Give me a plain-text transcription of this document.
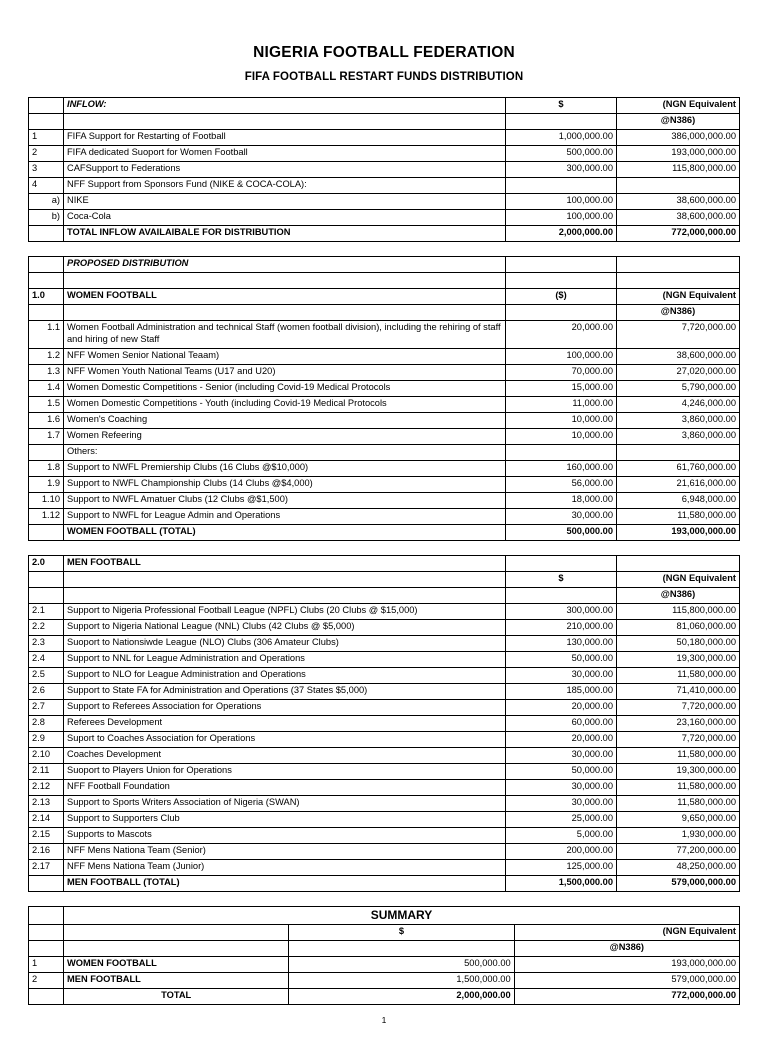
NIGERIA FOOTBALL FEDERATION
FIFA FOOTBALL RESTART FUNDS DISTRIBUTION
	INFLOW:	$	(NGN Equivalent
			@N386)
1	FIFA Support for Restarting of Football	1,000,000.00	386,000,000.00
2	FIFA dedicated Suoport for Women Football	500,000.00	193,000,000.00
3	CAFSupport to Federations	300,000.00	115,800,000.00
4	NFF Support from Sponsors Fund (NIKE & COCA-COLA):		
a)	NIKE	100,000.00	38,600,000.00
b)	Coca-Cola	100,000.00	38,600,000.00
	TOTAL INFLOW AVAILAIBALE FOR DISTRIBUTION	2,000,000.00	772,000,000.00
	PROPOSED DISTRIBUTION		

1.0	WOMEN FOOTBALL	($)	(NGN Equivalent
			@N386)
1.1	Women Football Administration and technical Staff (women football division), including the rehiring of staff and hiring of new Staff	20,000.00	7,720,000.00
1.2	NFF Women Senior National Teaam)	100,000.00	38,600,000.00
1.3	NFF Women Youth National Teams (U17 and U20)	70,000.00	27,020,000.00
1.4	Women Domestic Competitions - Senior (including Covid-19 Medical Protocols	15,000.00	5,790,000.00
1.5	Women Domestic Competitions - Youth (including Covid-19 Medical Protocols	11,000.00	4,246,000.00
1.6	Women's Coaching	10,000.00	3,860,000.00
1.7	Women Refeering	10,000.00	3,860,000.00
	Others:		
1.8	Support to NWFL Premiership Clubs (16 Clubs @$10,000)	160,000.00	61,760,000.00
1.9	Support to NWFL Championship Clubs (14 Clubs @$4,000)	56,000.00	21,616,000.00
1.10	Support to NWFL Amatuer Clubs (12 Clubs @$1,500)	18,000.00	6,948,000.00
1.12	Support to NWFL for League Admin and Operations	30,000.00	11,580,000.00
	WOMEN FOOTBALL (TOTAL)	500,000.00	193,000,000.00
2.0	MEN FOOTBALL		
		$	(NGN Equivalent
			@N386)
2.1	Support to Nigeria Professional Football League (NPFL) Clubs (20 Clubs @ $15,000)	300,000.00	115,800,000.00
2.2	Support to Nigeria National League (NNL) Clubs (42 Clubs @ $5,000)	210,000.00	81,060,000.00
2.3	Suoport to Nationsiwde League (NLO) Clubs (306 Amateur Clubs)	130,000.00	50,180,000.00
2.4	Support to NNL for League Administration and Operations	50,000.00	19,300,000.00
2.5	Support to NLO for League Administration and Operations	30,000.00	11,580,000.00
2.6	Support to State FA for Administration and Operations (37 States $5,000)	185,000.00	71,410,000.00
2.7	Support to Referees Association for Operations	20,000.00	7,720,000.00
2.8	Referees Development	60,000.00	23,160,000.00
2.9	Suport to Coaches Association for Operations	20,000.00	7,720,000.00
2.10	Coaches Development	30,000.00	11,580,000.00
2.11	Suoport to Players Union for Operations	50,000.00	19,300,000.00
2.12	NFF Football Foundation	30,000.00	11,580,000.00
2.13	Support to Sports Writers Association of Nigeria (SWAN)	30,000.00	11,580,000.00
2.14	Support to Supporters Club	25,000.00	9,650,000.00
2.15	Supports to Mascots	5,000.00	1,930,000.00
2.16	NFF Mens Nationa Team (Senior)	200,000.00	77,200,000.00
2.17	NFF Mens Nationa Team (Junior)	125,000.00	48,250,000.00
	MEN FOOTBALL (TOTAL)	1,500,000.00	579,000,000.00
	SUMMARY		
		$	(NGN Equivalent
			@N386)
1	WOMEN FOOTBALL	500,000.00	193,000,000.00
2	MEN FOOTBALL	1,500,000.00	579,000,000.00
	TOTAL	2,000,000.00	772,000,000.00
1
